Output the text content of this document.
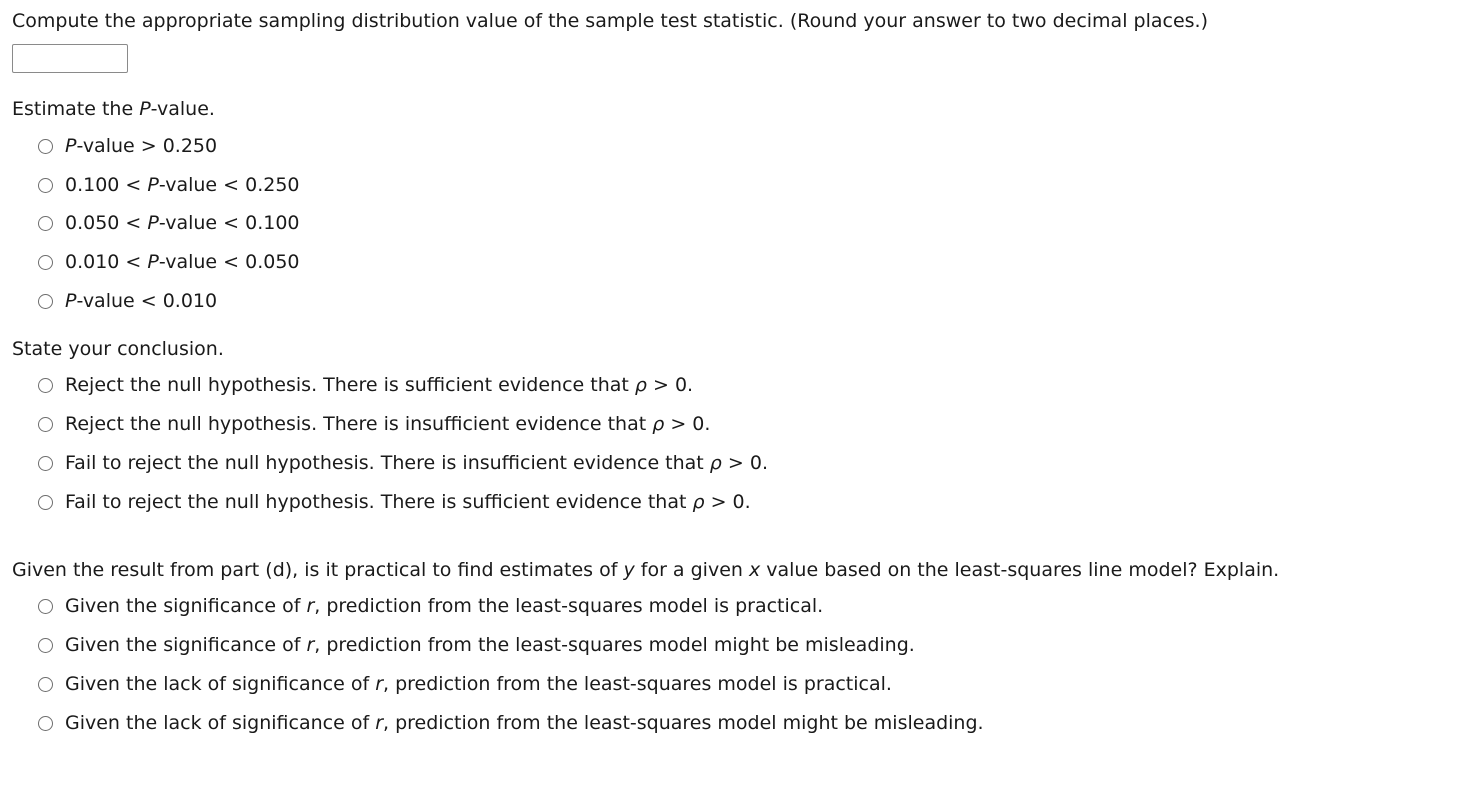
Compute the appropriate sampling distribution value of the sample test statistic. (Round your answer to two decimal places.)
Estimate the P-value.
P-value > 0.250
0.100 < P-value < 0.250
0.050 < P-value < 0.100
0.010 < P-value < 0.050
P-value < 0.010
State your conclusion.
Reject the null hypothesis. There is sufficient evidence that ρ > 0.
Reject the null hypothesis. There is insufficient evidence that ρ > 0.
Fail to reject the null hypothesis. There is insufficient evidence that ρ > 0.
Fail to reject the null hypothesis. There is sufficient evidence that ρ > 0.
Given the result from part (d), is it practical to find estimates of y for a given x value based on the least-squares line model? Explain.
Given the significance of r, prediction from the least-squares model is practical.
Given the significance of r, prediction from the least-squares model might be misleading.
Given the lack of significance of r, prediction from the least-squares model is practical.
Given the lack of significance of r, prediction from the least-squares model might be misleading.
